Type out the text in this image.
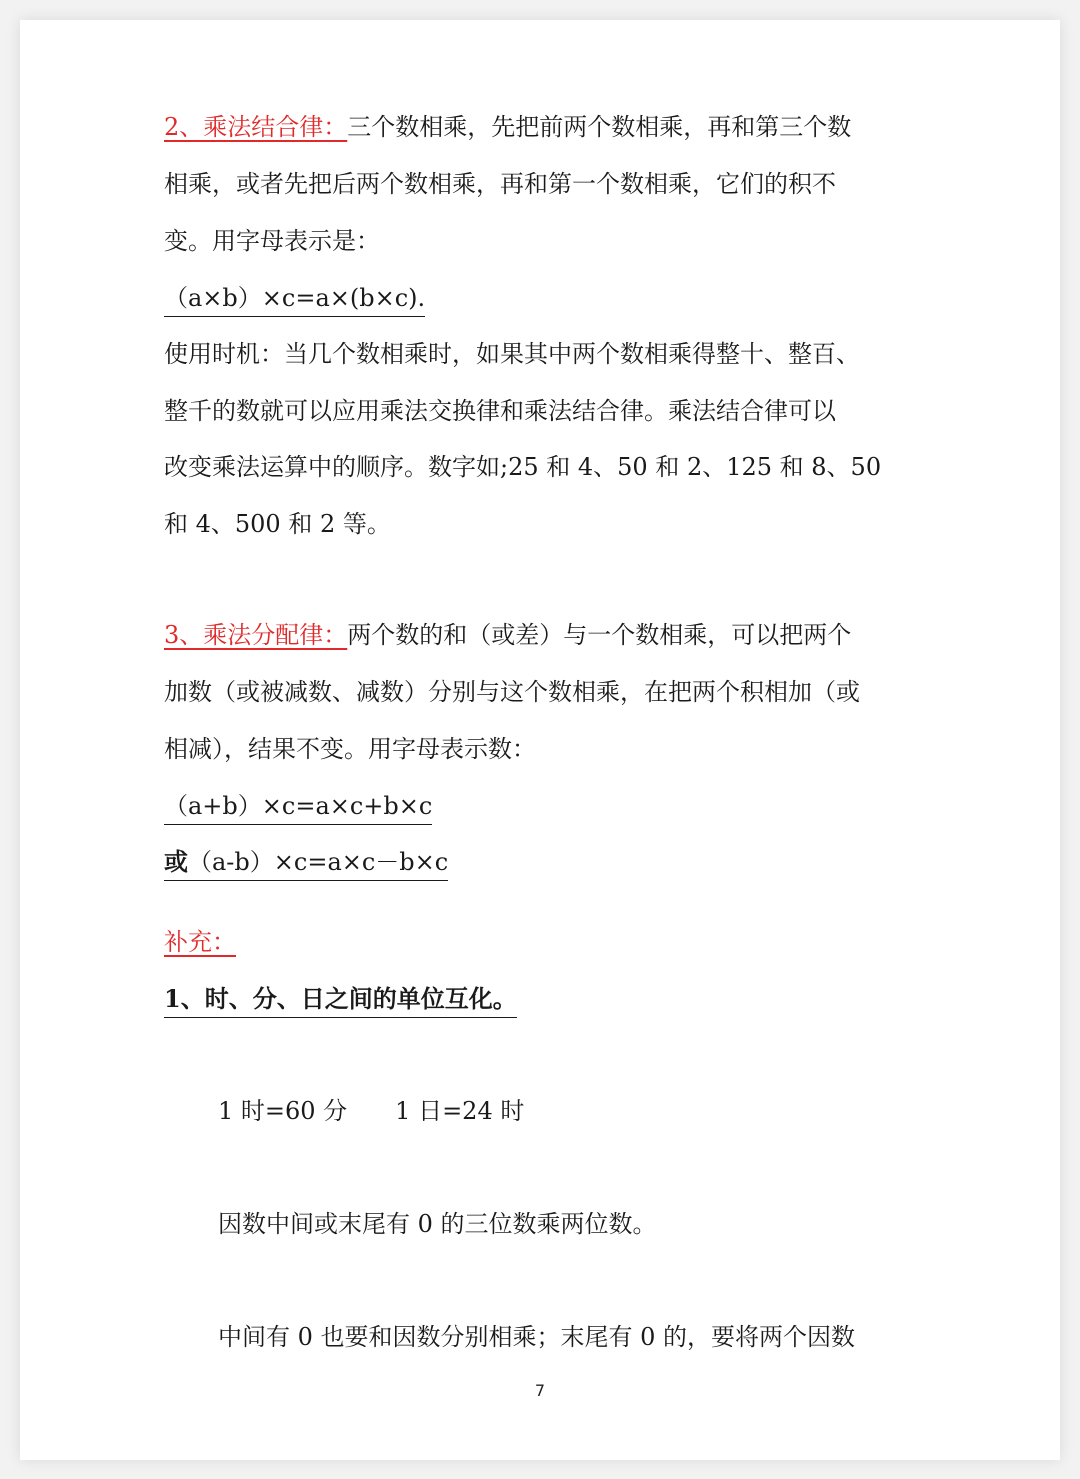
2、乘法结合律：三个数相乘，先把前两个数相乘，再和第三个数
相乘，或者先把后两个数相乘，再和第一个数相乘，它们的积不
变。用字母表示是：
（a×b）×c=a×(b×c).
使用时机：当几个数相乘时，如果其中两个数相乘得整十、整百、
整千的数就可以应用乘法交换律和乘法结合律。乘法结合律可以
改变乘法运算中的顺序。数字如;25 和 4、50 和 2、125 和 8、50
和 4、500 和 2 等。
3、乘法分配律：两个数的和（或差）与一个数相乘，可以把两个
加数（或被减数、减数）分别与这个数相乘，在把两个积相加（或
相减），结果不变。用字母表示数：
（a+b）×c=a×c+b×c
或（a-b）×c=a×c－b×c
补充：
1、时、分、日之间的单位互化。
1 时=60 分　　1 日=24 时
因数中间或末尾有 0 的三位数乘两位数。
中间有 0 也要和因数分别相乘；末尾有 0 的，要将两个因数
7
